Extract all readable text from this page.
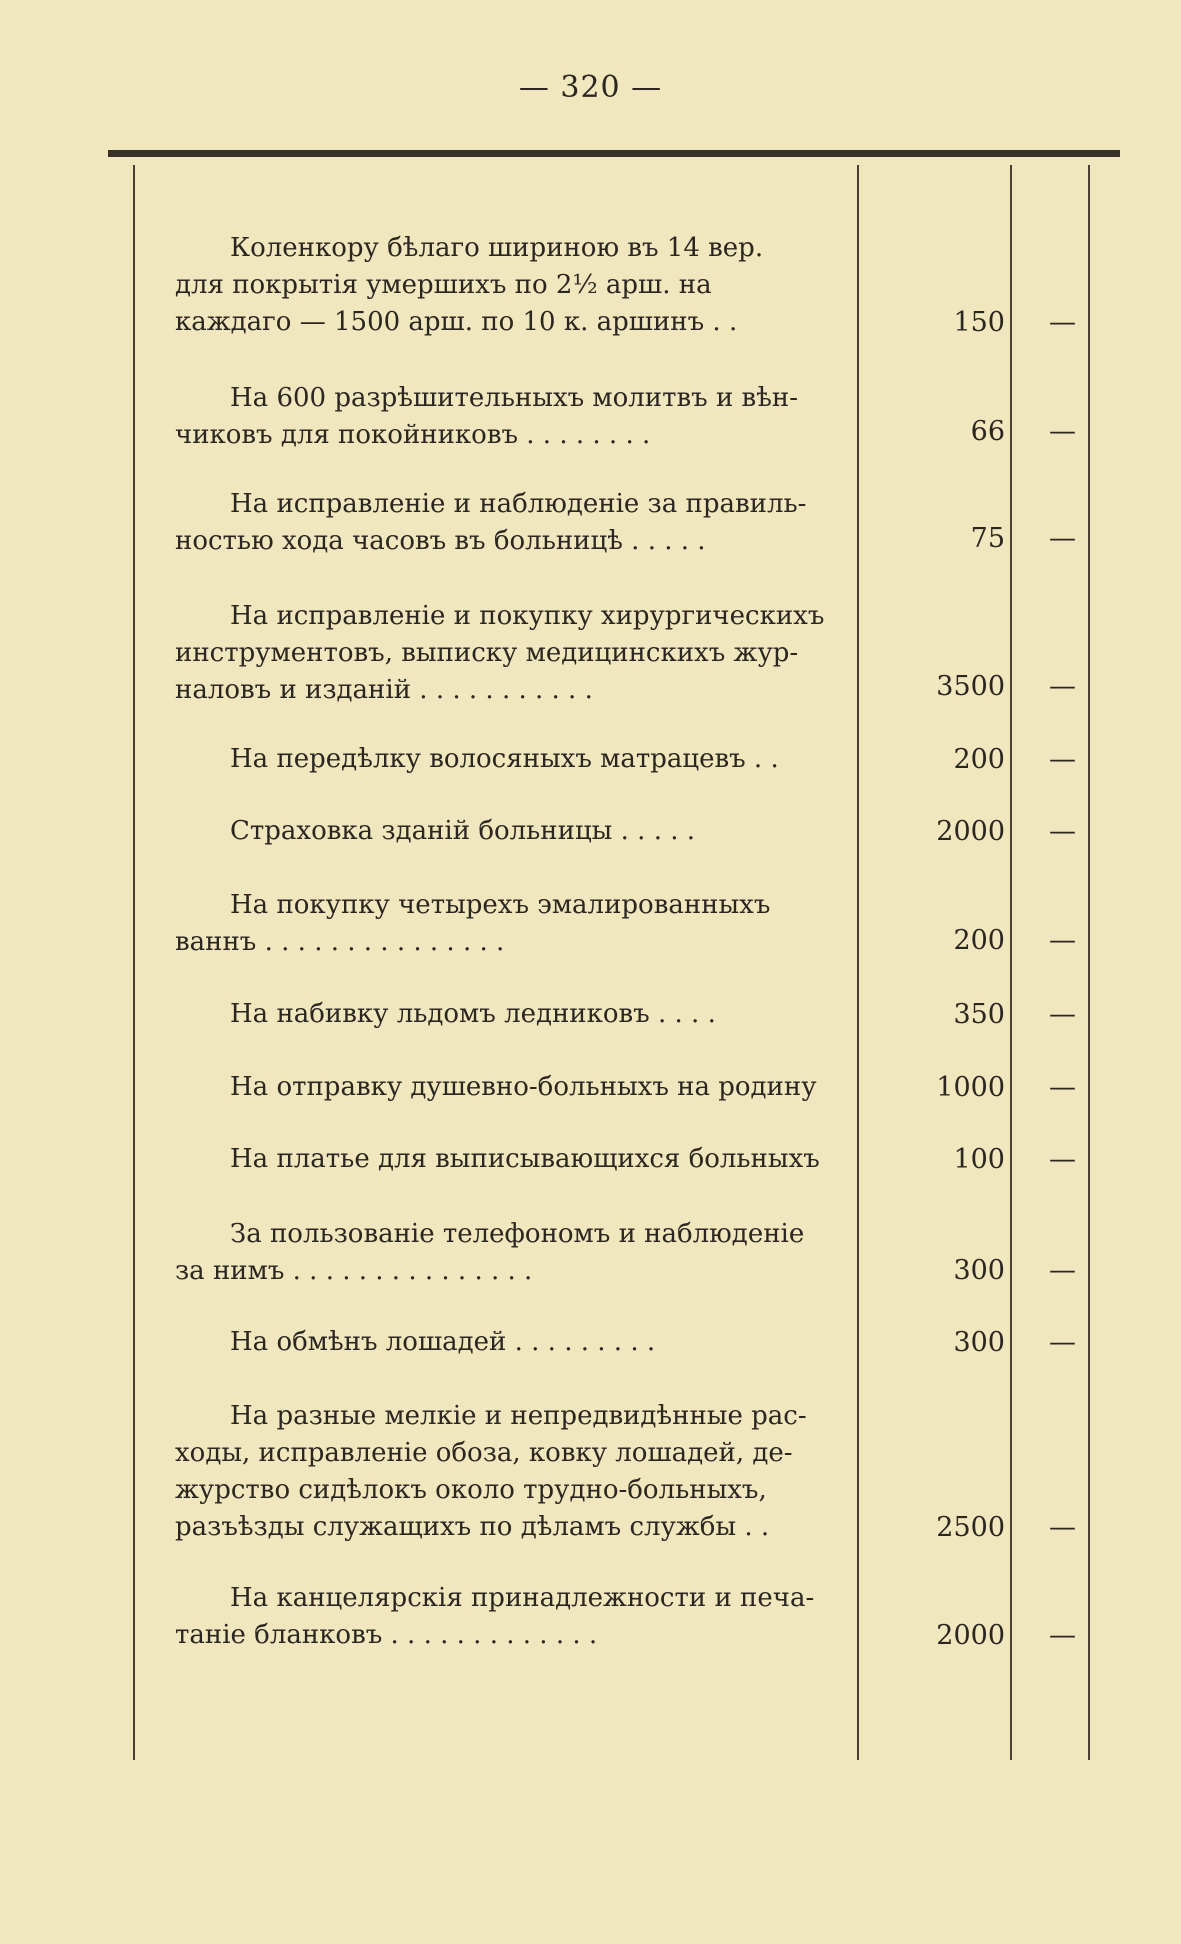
— 320 —
Коленкору бѣлаго шириною въ 14 вер.
для покрытія умершихъ по 2½ арш. на
каждаго — 1500 арш. по 10 к. аршинъ . .	150	—
На 600 разрѣшительныхъ молитвъ и вѣн-
чиковъ для покойниковъ . . . . . . . .	66	—
На исправленіе и наблюденіе за правиль-
ностью хода часовъ въ больницѣ . . . . .	75	—
На исправленіе и покупку хирургическихъ
инструментовъ, выписку медицинскихъ жур-
наловъ и изданій . . . . . . . . . . .	3500	—
На передѣлку волосяныхъ матрацевъ . .	200	—
Страховка зданій больницы . . . . .	2000	—
На покупку четырехъ эмалированныхъ
ваннъ . . . . . . . . . . . . . . .	200	—
На набивку льдомъ ледниковъ . . . .	350	—
На отправку душевно-больныхъ на родину	1000	—
На платье для выписывающихся больныхъ	100	—
За пользованіе телефономъ и наблюденіе
за нимъ . . . . . . . . . . . . . . .	300	—
На обмѣнъ лошадей . . . . . . . . .	300	—
На разные мелкіе и непредвидѣнные рас-
ходы, исправленіе обоза, ковку лошадей, де-
журство сидѣлокъ около трудно-больныхъ,
разъѣзды служащихъ по дѣламъ службы . .	2500	—
На канцелярскія принадлежности и печа-
таніе бланковъ . . . . . . . . . . . . .	2000	—
